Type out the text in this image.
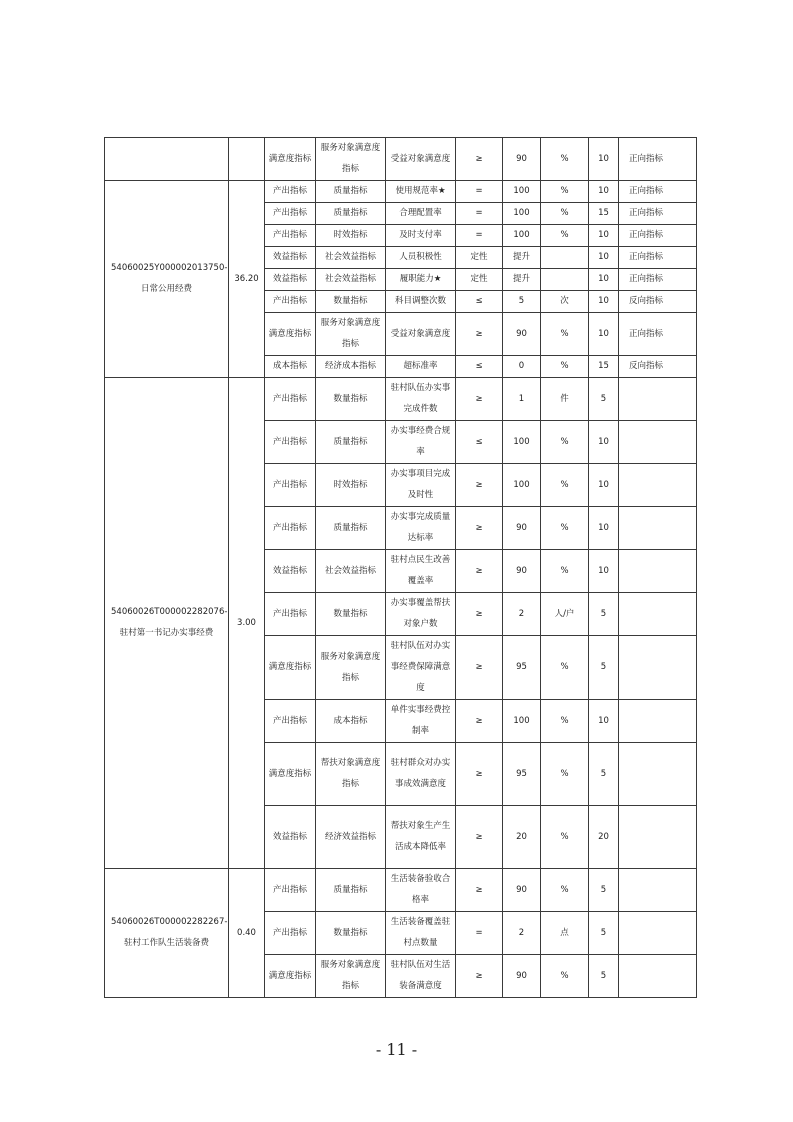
		满意度指标	服务对象满意度指标	受益对象满意度	≥	90	%	10	正向指标
54060025Y000002013750-日常公用经费	36.20	产出指标	质量指标	使用规范率★	=	100	%	10	正向指标
		产出指标	质量指标	合理配置率	=	100	%	15	正向指标
		产出指标	时效指标	及时支付率	=	100	%	10	正向指标
		效益指标	社会效益指标	人员积极性	定性	提升		10	正向指标
		效益指标	社会效益指标	履职能力★	定性	提升		10	正向指标
		产出指标	数量指标	科目调整次数	≤	5	次	10	反向指标
		满意度指标	服务对象满意度指标	受益对象满意度	≥	90	%	10	正向指标
		成本指标	经济成本指标	超标准率	≤	0	%	15	反向指标
54060026T000002282076-驻村第一书记办实事经费	3.00	产出指标	数量指标	驻村队伍办实事完成件数	≥	1	件	5	
		产出指标	质量指标	办实事经费合规率	≤	100	%	10	
		产出指标	时效指标	办实事项目完成及时性	≥	100	%	10	
		产出指标	质量指标	办实事完成质量达标率	≥	90	%	10	
		效益指标	社会效益指标	驻村点民生改善覆盖率	≥	90	%	10	
		产出指标	数量指标	办实事覆盖帮扶对象户数	≥	2	人/户	5	
		满意度指标	服务对象满意度指标	驻村队伍对办实事经费保障满意度	≥	95	%	5	
		产出指标	成本指标	单件实事经费控制率	≥	100	%	10	
		满意度指标	帮扶对象满意度指标	驻村群众对办实事成效满意度	≥	95	%	5	
		效益指标	经济效益指标	帮扶对象生产生活成本降低率	≥	20	%	20	
54060026T000002282267-驻村工作队生活装备费	0.40	产出指标	质量指标	生活装备验收合格率	≥	90	%	5	
		产出指标	数量指标	生活装备覆盖驻村点数量	=	2	点	5	
		满意度指标	服务对象满意度指标	驻村队伍对生活装备满意度	≥	90	%	5	
- 11 -
